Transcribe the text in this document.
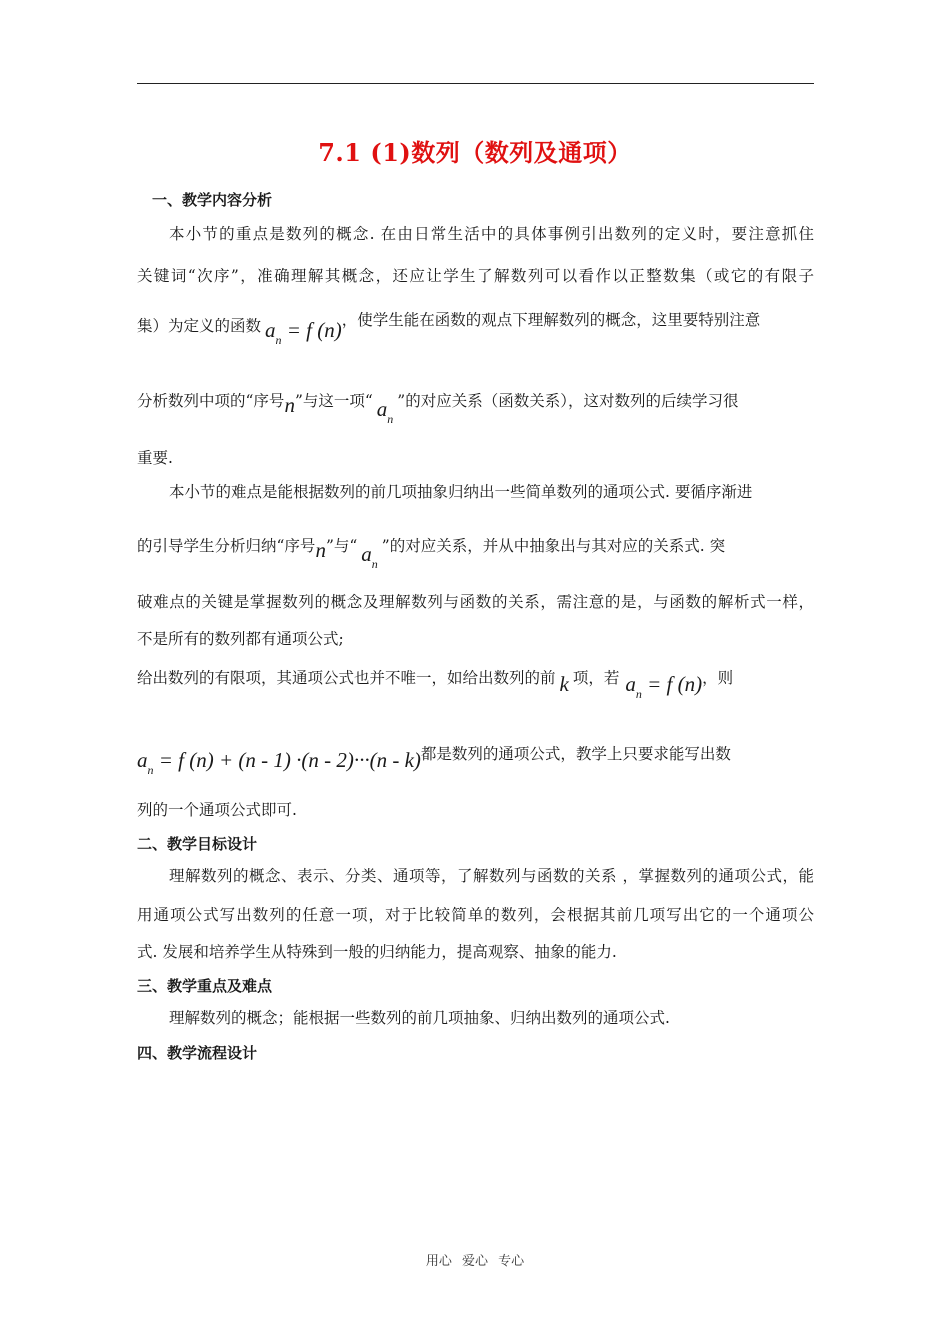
7.1 (1)数列（数列及通项）
一、教学内容分析
本小节的重点是数列的概念. 在由日常生活中的具体事例引出数列的定义时，要注意抓住
关键词“次序”，准确理解其概念，还应让学生了解数列可以看作以正整数集（或它的有限子
集）为定义的函数 $a_n = f$ (n)，使学生能在函数的观点下理解数列的概念，这里要特别注意
分析数列中项的“序号n”与这一项“ $a_n$”的对应关系（函数关系），这对数列的后续学习很
重要.
本小节的难点是能根据数列的前几项抽象归纳出一些简单数列的通项公式. 要循序渐进
的引导学生分析归纳“序号n”与“ $a_n$”的对应关系，并从中抽象出与其对应的关系式. 突
破难点的关键是掌握数列的概念及理解数列与函数的关系，需注意的是，与函数的解析式一样，
不是所有的数列都有通项公式;
给出数列的有限项，其通项公式也并不唯一，如给出数列的前 k 项，若 $a_n = f$ (n)，则
$a_n = f$ (n) + (n - 1) ·(n - 2)···(n - k)都是数列的通项公式，教学上只要求能写出数
列的一个通项公式即可.
二、教学目标设计
理解数列的概念、表示、分类、通项等，了解数列与函数的关系 ，掌握数列的通项公式，能
用通项公式写出数列的任意一项，对于比较简单的数列，会根据其前几项写出它的一个通项公
式. 发展和培养学生从特殊到一般的归纳能力，提高观察、抽象的能力.
三、教学重点及难点
理解数列的概念；能根据一些数列的前几项抽象、归纳出数列的通项公式.
四、教学流程设计
用心 爱心 专心
